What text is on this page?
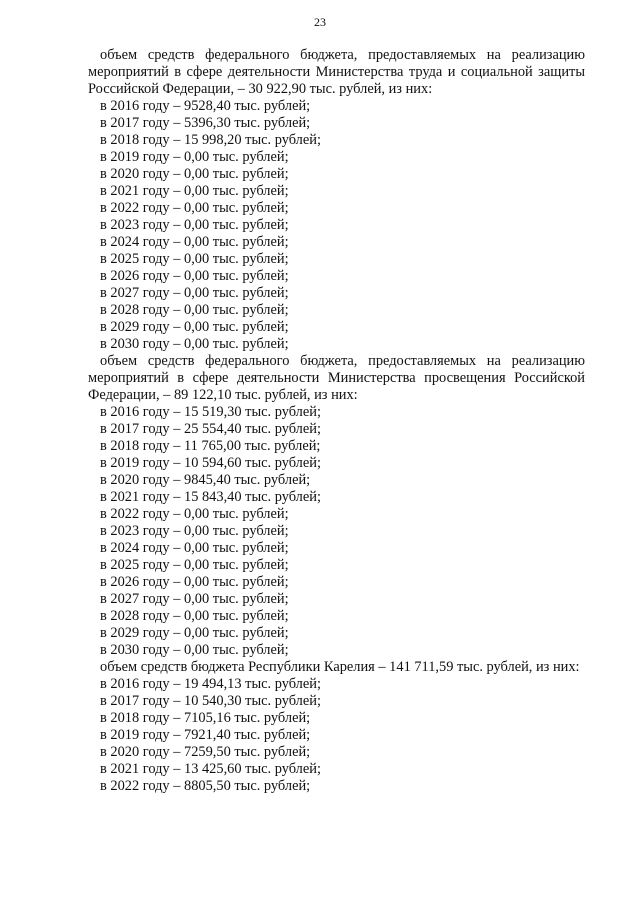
23

объем средств федерального бюджета, предоставляемых на реализацию мероприятий в сфере деятельности Министерства труда и социальной защиты Российской Федерации, – 30 922,90 тыс. рублей, из них:

в 2016 году – 9528,40 тыс. рублей;
в 2017 году – 5396,30 тыс. рублей;
в 2018 году – 15 998,20 тыс. рублей;
в 2019 году – 0,00 тыс. рублей;
в 2020 году – 0,00 тыс. рублей;
в 2021 году – 0,00 тыс. рублей;
в 2022 году – 0,00 тыс. рублей;
в 2023 году – 0,00 тыс. рублей;
в 2024 году – 0,00 тыс. рублей;
в 2025 году – 0,00 тыс. рублей;
в 2026 году – 0,00 тыс. рублей;
в 2027 году – 0,00 тыс. рублей;
в 2028 году – 0,00 тыс. рублей;
в 2029 году – 0,00 тыс. рублей;
в 2030 году – 0,00 тыс. рублей;

объем средств федерального бюджета, предоставляемых на реализацию мероприятий в сфере деятельности Министерства просвещения Российской Федерации, – 89 122,10 тыс. рублей, из них:

в 2016 году – 15 519,30 тыс. рублей;
в 2017 году – 25 554,40 тыс. рублей;
в 2018 году – 11 765,00 тыс. рублей;
в 2019 году – 10 594,60 тыс. рублей;
в 2020 году – 9845,40 тыс. рублей;
в 2021 году – 15 843,40 тыс. рублей;
в 2022 году – 0,00 тыс. рублей;
в 2023 году – 0,00 тыс. рублей;
в 2024 году – 0,00 тыс. рублей;
в 2025 году – 0,00 тыс. рублей;
в 2026 году – 0,00 тыс. рублей;
в 2027 году – 0,00 тыс. рублей;
в 2028 году – 0,00 тыс. рублей;
в 2029 году – 0,00 тыс. рублей;
в 2030 году – 0,00 тыс. рублей;

объем средств бюджета Республики Карелия – 141 711,59 тыс. рублей, из них:

в 2016 году – 19 494,13 тыс. рублей;
в 2017 году – 10 540,30 тыс. рублей;
в 2018 году – 7105,16 тыс. рублей;
в 2019 году – 7921,40 тыс. рублей;
в 2020 году – 7259,50 тыс. рублей;
в 2021 году – 13 425,60 тыс. рублей;
в 2022 году – 8805,50 тыс. рублей;
